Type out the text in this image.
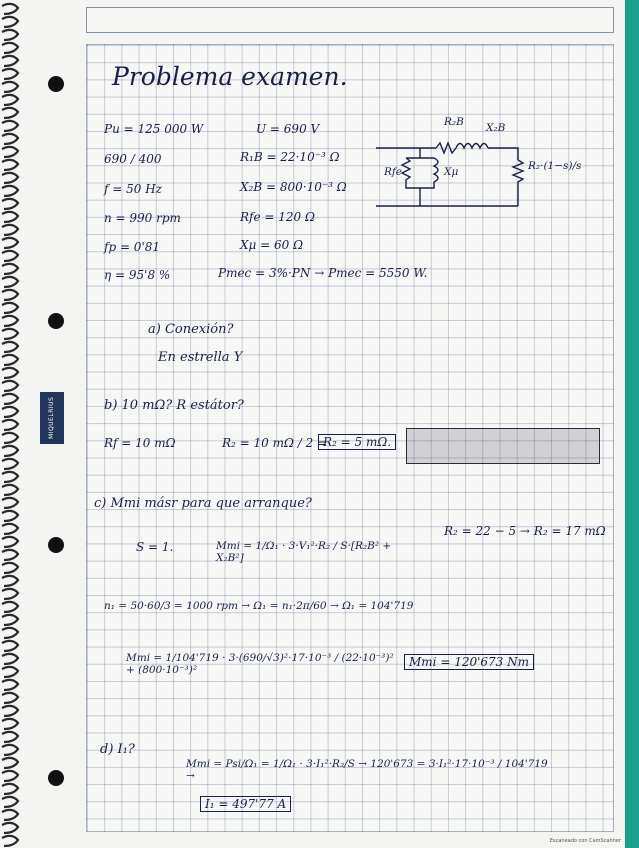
MIQUELRIUS
Problema examen.
Pu = 125 000 W
690 / 400
f = 50 Hz
n = 990 rpm
fp = 0'81
η = 95'8 %
U = 690 V
R₁B = 22·10⁻³ Ω
X₂B = 800·10⁻³ Ω
Rfe = 120 Ω
Xμ = 60 Ω
Pmec = 3%·PN → Pmec = 5550 W.
R₂B X₂B
Rfe	Xμ	R₂·(1−s)/s
a) Conexión?
En estrella Y
b) 10 mΩ? R estátor?
Rf = 10 mΩ	R₂ = 10 mΩ / 2 =
R₂ = 5 mΩ.
c) Mmi másr para que arranque?
S = 1.	Mmi = 1/Ω₁ · 3·V₁²·R₂ / S·[R₂B² + X₂B²]
R₂ = 22 − 5 → R₂ = 17 mΩ
n₁ = 50·60/3 = 1000 rpm → Ω₁ = n₁·2π/60 → Ω₁ = 104'719
Mmi = 1/104'719 · 3·(690/√3)²·17·10⁻³ / (22·10⁻³)² + (800·10⁻³)²
Mmi = 120'673 Nm
d) I₁?
Mmi = Psi/Ω₁ = 1/Ω₁ · 3·I₁²·R₂/S → 120'673 = 3·I₁²·17·10⁻³ / 104'719 →
I₁ = 497'77 A
Escaneado con CamScanner
